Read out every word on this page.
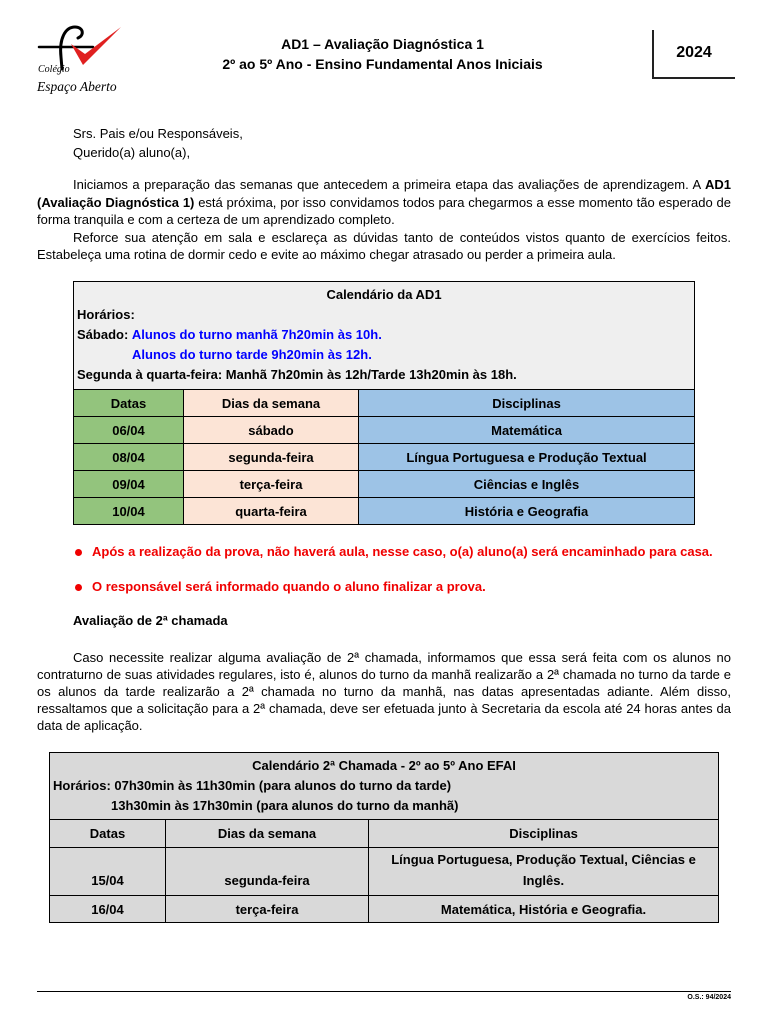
Colégio
Espaço Aberto
AD1 – Avaliação Diagnóstica 1
2º ao 5º Ano - Ensino Fundamental Anos Iniciais
2024
Srs. Pais e/ou Responsáveis,
Querido(a) aluno(a),

Iniciamos a preparação das semanas que antecedem a primeira etapa das avaliações de aprendizagem. A AD1 (Avaliação Diagnóstica 1) está próxima, por isso convidamos todos para chegarmos a esse momento tão esperado de forma tranquila e com a certeza de um aprendizado completo.

Reforce sua atenção em sala e esclareça as dúvidas tanto de conteúdos vistos quanto de exercícios feitos. Estabeleça uma rotina de dormir cedo e evite ao máximo chegar atrasado ou perder a primeira aula.

Calendário da AD1
Horários:
Sábado: Alunos do turno manhã 7h20min às 10h.
Alunos do turno tarde 9h20min às 12h.
Segunda à quarta-feira: Manhã 7h20min às 12h/Tarde 13h20min às 18h.		

Datas	Dias da semana	Disciplinas
06/04	sábado	Matemática
08/04	segunda-feira	Língua Portuguesa e Produção Textual
09/04	terça-feira	Ciências e Inglês
10/04	quarta-feira	História e Geografia
Após a realização da prova, não haverá aula, nesse caso, o(a) aluno(a) será encaminhado para casa.
O responsável será informado quando o aluno finalizar a prova.
Avaliação de 2ª chamada

Caso necessite realizar alguma avaliação de 2ª chamada, informamos que essa será feita com os alunos no contraturno de suas atividades regulares, isto é, alunos do turno da manhã realizarão a 2ª chamada no turno da tarde e os alunos da tarde realizarão a 2ª chamada no turno da manhã, nas datas apresentadas adiante. Além disso, ressaltamos que a solicitação para a 2ª chamada, deve ser efetuada junto à Secretaria da escola até 24 horas antes da data de aplicação.

Calendário 2ª Chamada - 2º ao 5º Ano EFAI
Horários: 07h30min às 11h30min (para alunos do turno da tarde)
13h30min às 17h30min (para alunos do turno da manhã)		

Datas	Dias da semana	Disciplinas
15/04	segunda-feira	Língua Portuguesa, Produção Textual, Ciências e Inglês.
16/04	terça-feira	Matemática, História e Geografia.
O.S.: 94/2024
